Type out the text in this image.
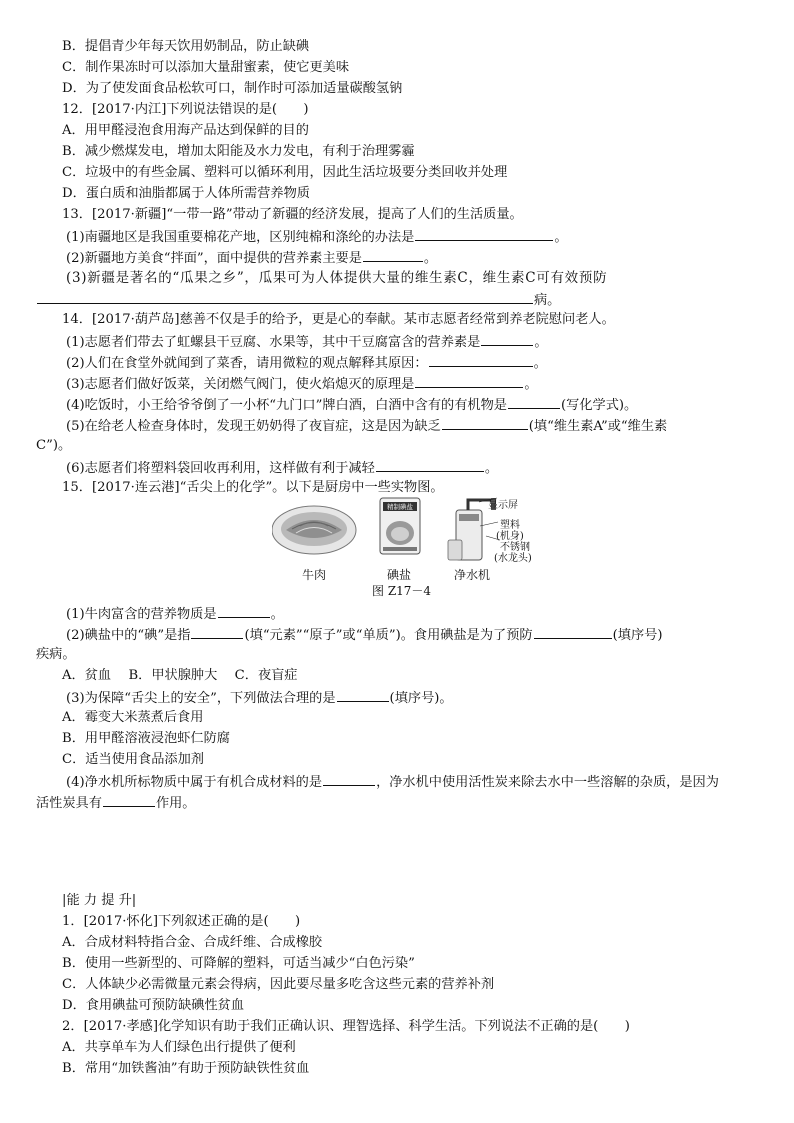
B．提倡青少年每天饮用奶制品，防止缺碘
C．制作果冻时可以添加大量甜蜜素，使它更美味
D．为了使发面食品松软可口，制作时可添加适量碳酸氢钠
12．[2017·内江]下列说法错误的是(　　)
A．用甲醛浸泡食用海产品达到保鲜的目的
B．减少燃煤发电，增加太阳能及水力发电，有利于治理雾霾
C．垃圾中的有些金属、塑料可以循环利用，因此生活垃圾要分类回收并处理
D．蛋白质和油脂都属于人体所需营养物质
13．[2017·新疆]“一带一路”带动了新疆的经济发展，提高了人们的生活质量。
(1)南疆地区是我国重要棉花产地，区别纯棉和涤纶的办法是	。
(2)新疆地方美食“拌面”，面中提供的营养素主要是	。
(3)新疆是著名的“瓜果之乡”，瓜果可为人体提供大量的维生素C，维生素C可有效预防
病。
14．[2017·葫芦岛]慈善不仅是手的给予，更是心的奉献。某市志愿者经常到养老院慰问老人。
(1)志愿者们带去了虹螺县干豆腐、水果等，其中干豆腐富含的营养素是	。
(2)人们在食堂外就闻到了菜香，请用微粒的观点解释其原因：	。
(3)志愿者们做好饭菜，关闭燃气阀门，使火焰熄灭的原理是	。
(4)吃饭时，小王给爷爷倒了一小杯“九门口”牌白酒，白酒中含有的有机物是	(写化学式)。
(5)在给老人检查身体时，发现王奶奶得了夜盲症，这是因为缺乏	(填“维生素A”或“维生素
C”)。
(6)志愿者们将塑料袋回收再利用，这样做有利于减轻	。
15．[2017·连云港]“舌尖上的化学”。以下是厨房中一些实物图。
精制碘盐	显示屏
塑料
(机身)
不锈钢
(水龙头)
牛肉	碘盐	净水机
图 Z17－4
(1)牛肉富含的营养物质是	。
(2)碘盐中的“碘”是指	(填“元素”“原子”或“单质”)。食用碘盐是为了预防	(填序号)
疾病。
A．贫血　 B．甲状腺肿大　 C．夜盲症
(3)为保障“舌尖上的安全”，下列做法合理的是	(填序号)。
A．霉变大米蒸煮后食用
B．用甲醛溶液浸泡虾仁防腐
C．适当使用食品添加剂
(4)净水机所标物质中属于有机合成材料的是	，净水机中使用活性炭来除去水中一些溶解的杂质，是因为
活性炭具有	作用。
|能 力 提 升|
1．[2017·怀化]下列叙述正确的是(　　)
A．合成材料特指合金、合成纤维、合成橡胶
B．使用一些新型的、可降解的塑料，可适当减少“白色污染”
C．人体缺少必需微量元素会得病，因此要尽量多吃含这些元素的营养补剂
D．食用碘盐可预防缺碘性贫血
2．[2017·孝感]化学知识有助于我们正确认识、理智选择、科学生活。下列说法不正确的是(　　)
A．共享单车为人们绿色出行提供了便利
B．常用“加铁酱油”有助于预防缺铁性贫血
